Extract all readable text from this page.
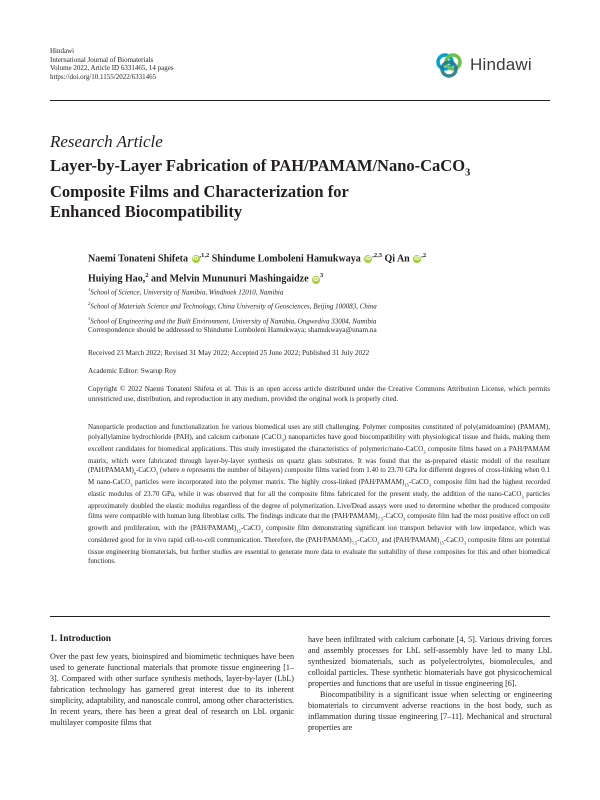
Hindawi
International Journal of Biomaterials
Volume 2022, Article ID 6331465, 14 pages
https://doi.org/10.1155/2022/6331465
Hindawi
Research Article
Layer-by-Layer Fabrication of PAH/PAMAM/Nano-CaCO$_3$
Composite Films and Characterization for
Enhanced Biocompatibility
Naemi Tonateni Shifeta $iD^{,1,2}$ Shindume Lomboleni Hamukwaya $iD^{,2,3}$ Qi An $iD^{,2}$
Huiying Hao,$^2$ and Melvin Mununuri Mashingaidze $iD^3$
$^1$School of Science, University of Namibia, Windhoek 12010, Namibia
$^2$School of Materials Science and Technology, China University of Geosciences, Beijing 100083, China
$^3$School of Engineering and the Built Environment, University of Namibia, Ongwediva 33004, Namibia
Correspondence should be addressed to Shindume Lomboleni Hamukwaya; shamukwaya@unam.na
Received 23 March 2022; Revised 31 May 2022; Accepted 25 June 2022; Published 31 July 2022
Academic Editor: Swarup Roy
Copyright © 2022 Naemi Tonateni Shifeta et al. This is an open access article distributed under the Creative Commons Attribution License, which permits unrestricted use, distribution, and reproduction in any medium, provided the original work is properly cited.
Nanoparticle production and functionalization for various biomedical uses are still challenging. Polymer composites constituted of poly(amidoamine) (PAMAM), polyallylamine hydrochloride (PAH), and calcium carbonate (CaCO$_3$) nanoparticles have good biocompatibility with physiological tissue and fluids, making them excellent candidates for biomedical applications. This study investigated the characteristics of polymeric/nano-CaCO$_3$ composite films based on a PAH/PAMAM matrix, which were fabricated through layer-by-layer synthesis on quartz glass substrates. It was found that the as-prepared elastic moduli of the resultant $(PAH/PAMAM)_n-CaCO_3$ (where n represents the number of bilayers) composite films varied from 1.40 to 23.70 GPa for different degrees of cross-linking when 0.1 M nano-CaCO$_3$ particles were incorporated into the polymer matrix. The highly cross-linked $(PAH/PAMAM)_{15}-CaCO_3$ composite film had the highest recorded elastic modulus of 23.70 GPa, while it was observed that for all the composite films fabricated for the present study, the addition of the nano-CaCO$_3$ particles approximately doubled the elastic modulus regardless of the degree of polymerization. Live/Dead assays were used to determine whether the produced composite films were compatible with human lung fibroblast cells. The findings indicate that the $(PAH/PAMAM)_{7.5}-CaCO_3$ composite film had the most positive effect on cell growth and proliferation, with the $(PAH/PAMAM)_{15}-CaCO_3$ composite film demonstrating significant ion transport behavior with low impedance, which was considered good for in vivo rapid cell-to-cell communication. Therefore, the $(PAH/PAMAM)_{7.5}-CaCO_3$ and $(PAH/PAMAM)_{15}-CaCO_3$ composite films are potential tissue engineering biomaterials, but further studies are essential to generate more data to evaluate the suitability of these composites for this and other biomedical functions.
1. Introduction

Over the past few years, bioinspired and biomimetic techniques have been used to generate functional materials that promote tissue engineering [1–3]. Compared with other surface synthesis methods, layer-by-layer (LbL) fabrication technology has garnered great interest due to its inherent simplicity, adaptability, and nanoscale control, among other characteristics. In recent years, there has been a great deal of research on LbL organic multilayer composite films that

have been infiltrated with calcium carbonate [4, 5]. Various driving forces and assembly processes for LbL self-assembly have led to many LbL synthesized biomaterials, such as polyelectrolytes, biomolecules, and colloidal particles. These synthetic biomaterials have got physicochemical properties and functions that are useful in tissue engineering [6].

Biocompatibility is a significant issue when selecting or engineering biomaterials to circumvent adverse reactions in the host body, such as inflammation during tissue engineering [7–11]. Mechanical and structural properties are
